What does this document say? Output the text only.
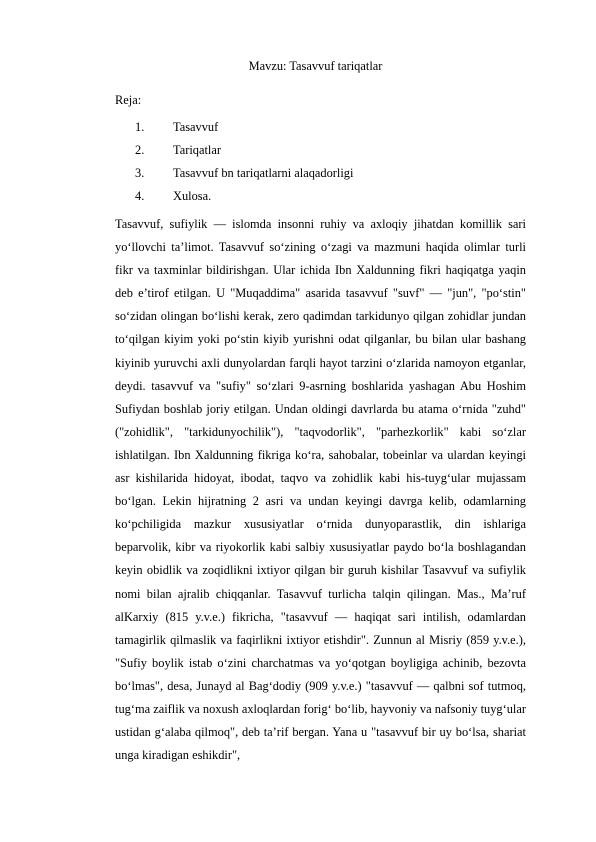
Mavzu: Tasavvuf tariqatlar
Reja:
1.	Tasavvuf
2.	Tariqatlar
3.	Tasavvuf bn tariqatlarni alaqadorligi
4.	Xulosa.

Tasavvuf, sufiylik — islomda insonni ruhiy va axloqiy jihatdan komillik sari yo‘llovchi ta’limot. Tasavvuf so‘zining o‘zagi va mazmuni haqida olimlar turli fikr va taxminlar bildirishgan. Ular ichida Ibn Xaldunning fikri haqiqatga yaqin deb e’tirof etilgan. U "Muqaddima" asarida tasavvuf "suvf" — "jun", "po‘stin" so‘zidan olingan bo‘lishi kerak, zero qadimdan tarkidunyo qilgan zohidlar jundan to‘qilgan kiyim yoki po‘stin kiyib yurishni odat qilganlar, bu bilan ular bashang kiyinib yuruvchi axli dunyolardan farqli hayot tarzini o‘zlarida namoyon etganlar, deydi. tasavvuf va "sufiy" so‘zlari 9-asrning boshlarida yashagan Abu Hoshim Sufiydan boshlab joriy etilgan. Undan oldingi davrlarda bu atama o‘rnida "zuhd" ("zohidlik", "tarkidunyochilik"), "taqvodorlik", "parhezkorlik" kabi so‘zlar ishlatilgan. Ibn Xaldunning fikriga ko‘ra, sahobalar, tobeinlar va ulardan keyingi asr kishilarida hidoyat, ibodat, taqvo va zohidlik kabi his-tuyg‘ular mujassam bo‘lgan. Lekin hijratning 2 asri va undan keyingi davrga kelib, odamlarning ko‘pchiligida mazkur xususiyatlar o‘rnida dunyoparastlik, din ishlariga beparvolik, kibr va riyokorlik kabi salbiy xususiyatlar paydo bo‘la boshlagandan keyin obidlik va zoqidlikni ixtiyor qilgan bir guruh kishilar Tasavvuf va sufiylik nomi bilan ajralib chiqqanlar. Tasavvuf turlicha talqin qilingan. Mas., Ma’ruf alKarxiy (815 y.v.e.) fikricha, "tasavvuf — haqiqat sari intilish, odamlardan tamagirlik qilmaslik va faqirlikni ixtiyor etishdir". Zunnun al Misriy (859 y.v.e.), "Sufiy boylik istab o‘zini charchatmas va yo‘qotgan boyligiga achinib, bezovta bo‘lmas", desa, Junayd al Bag‘dodiy (909 y.v.e.) "tasavvuf — qalbni sof tutmoq, tug‘ma zaiflik va noxush axloqlardan forig‘ bo‘lib, hayvoniy va nafsoniy tuyg‘ular ustidan g‘alaba qilmoq", deb ta’rif bergan. Yana u "tasavvuf bir uy bo‘lsa, shariat unga kiradigan eshikdir",
